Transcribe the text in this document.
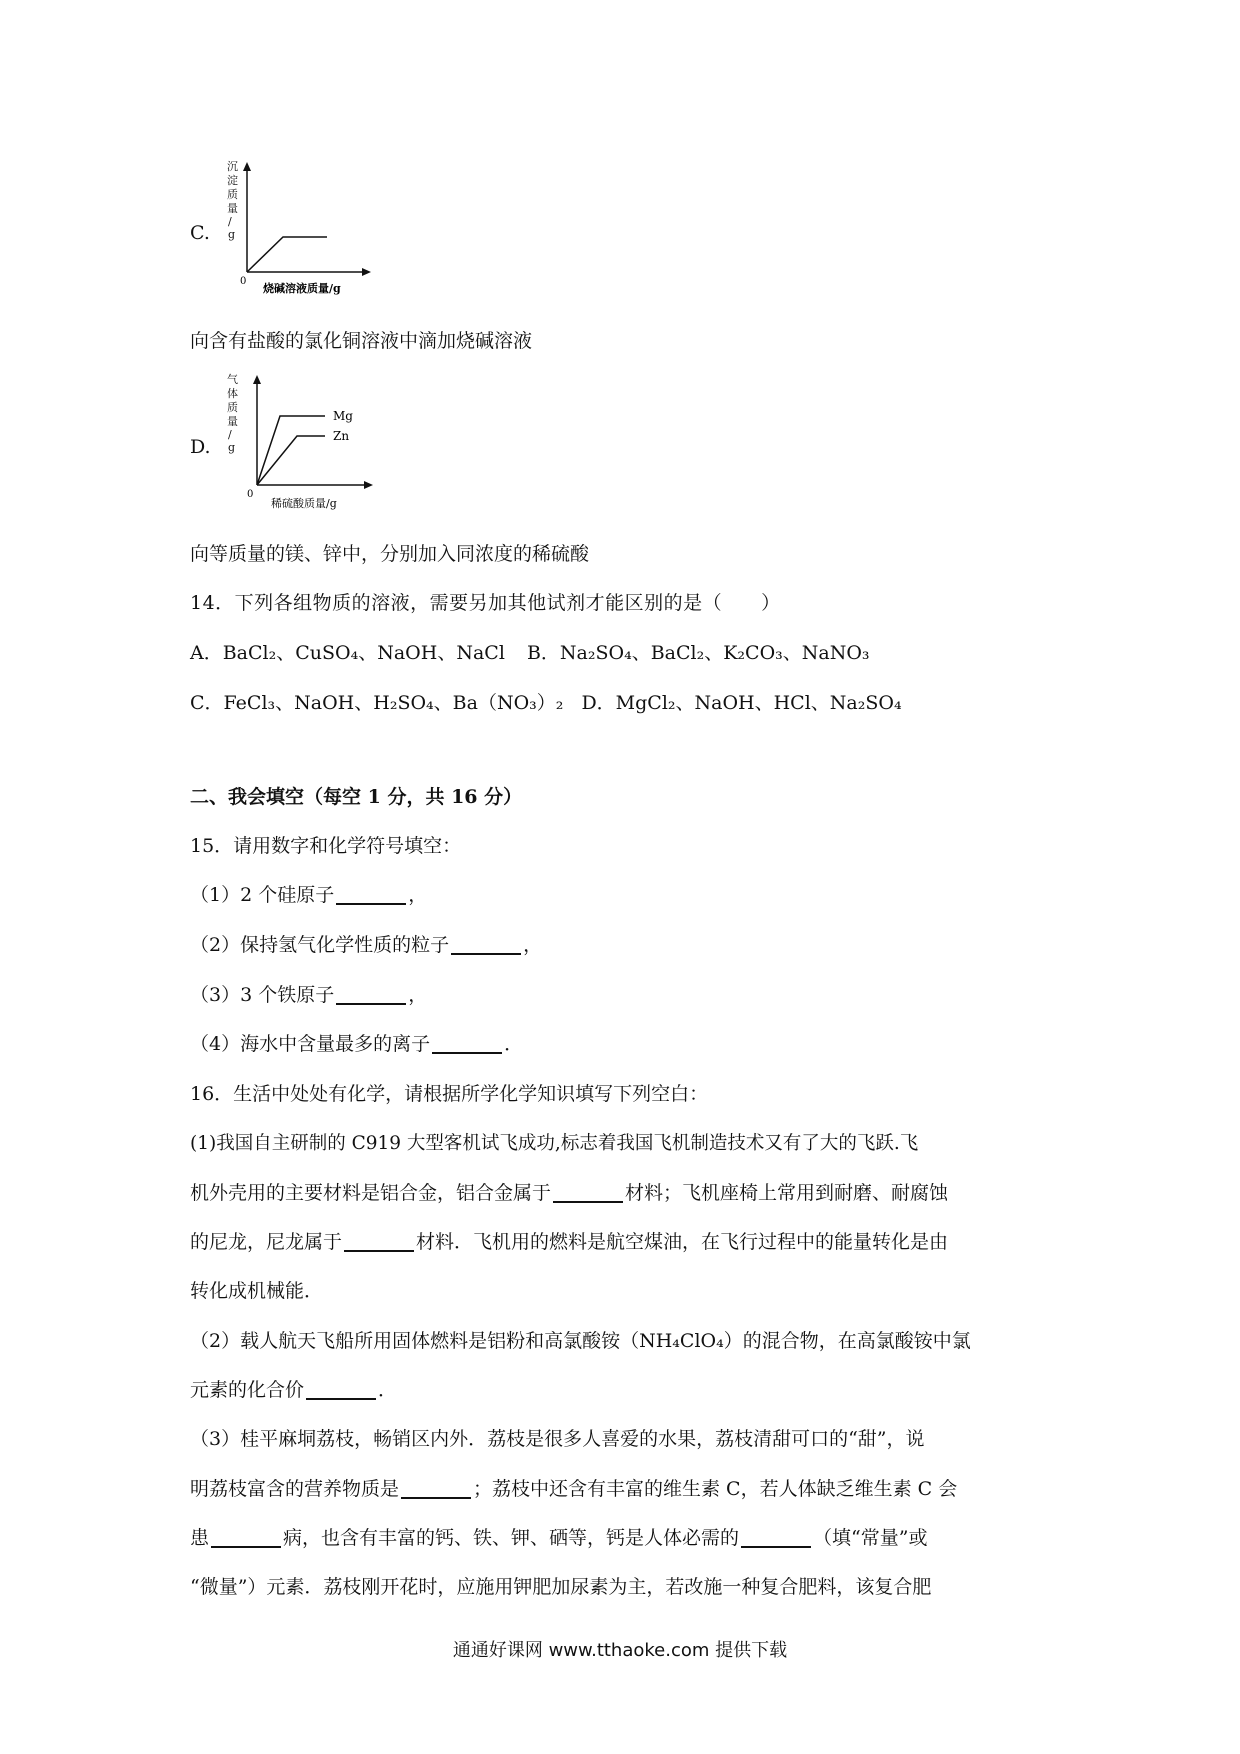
C.
沉
淀
质
量
/
g
0
烧碱溶液质量/g
向含有盐酸的氯化铜溶液中滴加烧碱溶液
D.
气
体
质
量
/
g
Mg
Zn
0
稀硫酸质量/g
向等质量的镁、锌中，分别加入同浓度的稀硫酸
14．下列各组物质的溶液，需要另加其他试剂才能区别的是（　　）
A．BaCl₂、CuSO₄、NaOH、NaCl B．Na₂SO₄、BaCl₂、K₂CO₃、NaNO₃
C．FeCl₃、NaOH、H₂SO₄、Ba（NO₃）₂ D．MgCl₂、NaOH、HCl、Na₂SO₄
二、我会填空（每空 1 分，共 16 分）
15．请用数字和化学符号填空：
（1）2 个硅原子	，
（2）保持氢气化学性质的粒子	，
（3）3 个铁原子	，
（4）海水中含量最多的离子	．
16．生活中处处有化学，请根据所学化学知识填写下列空白：
(1)我国自主研制的 C919 大型客机试飞成功,标志着我国飞机制造技术又有了大的飞跃.飞
机外壳用的主要材料是铝合金，铝合金属于	材料；飞机座椅上常用到耐磨、耐腐蚀
的尼龙，尼龙属于	材料．飞机用的燃料是航空煤油，在飞行过程中的能量转化是由
转化成机械能．
（2）载人航天飞船所用固体燃料是铝粉和高氯酸铵（NH₄ClO₄）的混合物，在高氯酸铵中氯
元素的化合价	．
（3）桂平麻垌荔枝，畅销区内外．荔枝是很多人喜爱的水果，荔枝清甜可口的“甜”，说
明荔枝富含的营养物质是	；荔枝中还含有丰富的维生素 C，若人体缺乏维生素 C 会
患	病，也含有丰富的钙、铁、钾、硒等，钙是人体必需的	（填“常量”或
“微量”）元素．荔枝刚开花时，应施用钾肥加尿素为主，若改施一种复合肥料，该复合肥
通通好课网 www.tthaoke.com 提供下载
